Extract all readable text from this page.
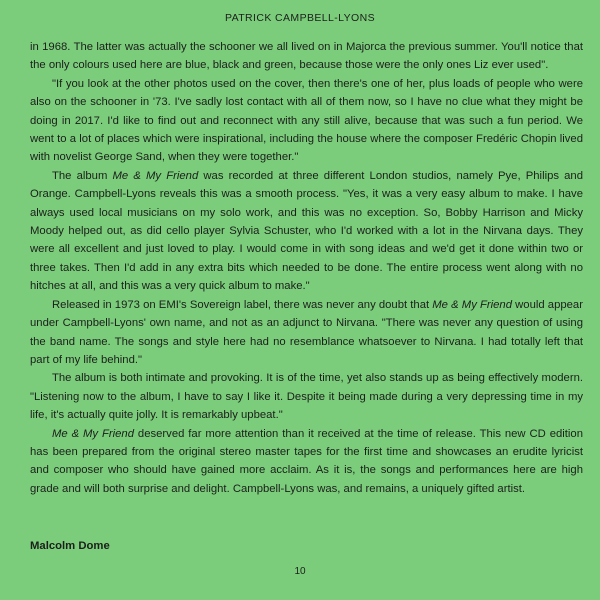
PATRICK CAMPBELL-LYONS

in 1968. The latter was actually the schooner we all lived on in Majorca the previous summer. You'll notice that the only colours used here are blue, black and green, because those were the only ones Liz ever used".

"If you look at the other photos used on the cover, then there's one of her, plus loads of people who were also on the schooner in '73. I've sadly lost contact with all of them now, so I have no clue what they might be doing in 2017. I'd like to find out and reconnect with any still alive, because that was such a fun period. We went to a lot of places which were inspirational, including the house where the composer Fredéric Chopin lived with novelist George Sand, when they were together."

The album Me & My Friend was recorded at three different London studios, namely Pye, Philips and Orange. Campbell-Lyons reveals this was a smooth process. "Yes, it was a very easy album to make. I have always used local musicians on my solo work, and this was no exception. So, Bobby Harrison and Micky Moody helped out, as did cello player Sylvia Schuster, who I'd worked with a lot in the Nirvana days. They were all excellent and just loved to play. I would come in with song ideas and we'd get it done within two or three takes. Then I'd add in any extra bits which needed to be done. The entire process went along with no hitches at all, and this was a very quick album to make."

Released in 1973 on EMI's Sovereign label, there was never any doubt that Me & My Friend would appear under Campbell-Lyons' own name, and not as an adjunct to Nirvana. "There was never any question of using the band name. The songs and style here had no resemblance whatsoever to Nirvana. I had totally left that part of my life behind."

The album is both intimate and provoking. It is of the time, yet also stands up as being effectively modern. "Listening now to the album, I have to say I like it. Despite it being made during a very depressing time in my life, it's actually quite jolly. It is remarkably upbeat."

Me & My Friend deserved far more attention than it received at the time of release. This new CD edition has been prepared from the original stereo master tapes for the first time and showcases an erudite lyricist and composer who should have gained more acclaim. As it is, the songs and performances here are high grade and will both surprise and delight. Campbell-Lyons was, and remains, a uniquely gifted artist.

Malcolm Dome
10
